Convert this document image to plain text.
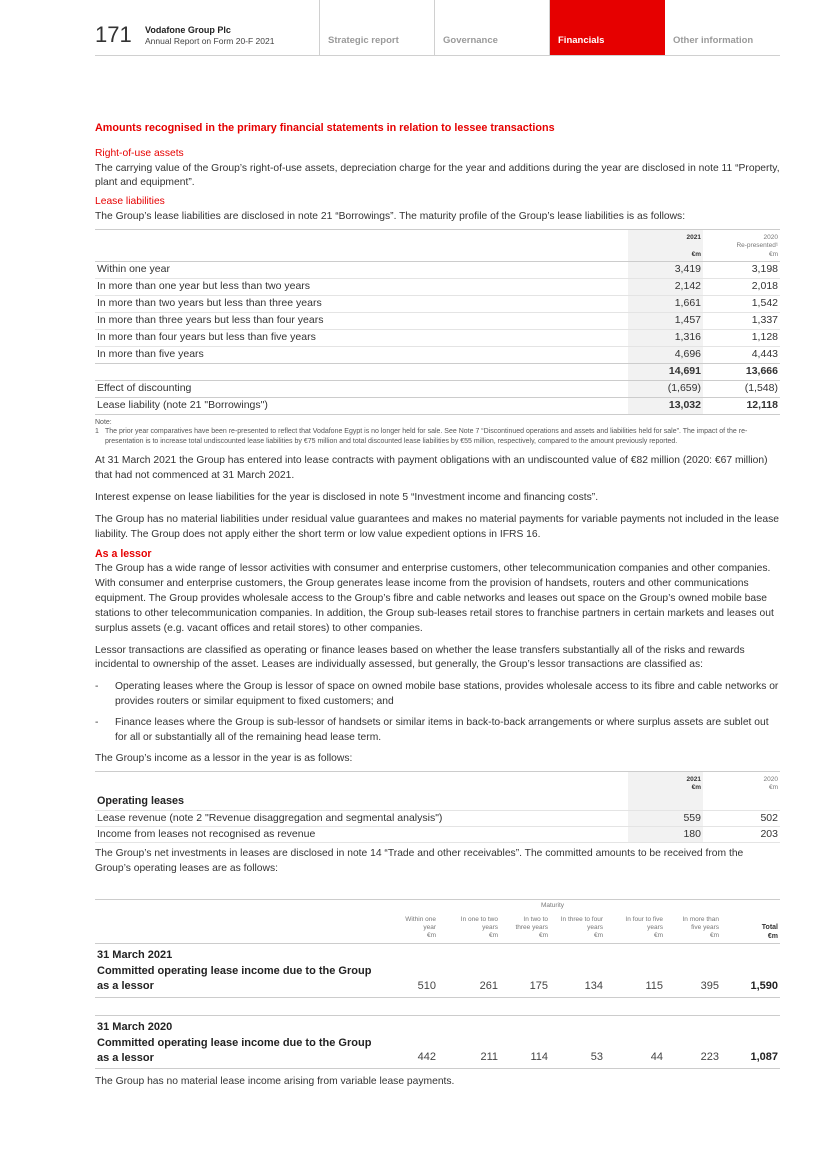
171	Vodafone Group Plc
Annual Report on Form 20-F 2021	Strategic report	Governance	Financials	Other information
Amounts recognised in the primary financial statements in relation to lessee transactions
Right-of-use assets

The carrying value of the Group’s right-of-use assets, depreciation charge for the year and additions during the year are disclosed in note 11 “Property, plant and equipment”.

Lease liabilities

The Group’s lease liabilities are disclosed in note 21 “Borrowings”. The maturity profile of the Group’s lease liabilities is as follows:

	2021

€m	2020
Re-presented¹
€m
Within one year	3,419	3,198
In more than one year but less than two years	2,142	2,018
In more than two years but less than three years	1,661	1,542
In more than three years but less than four years	1,457	1,337
In more than four years but less than five years	1,316	1,128
In more than five years	4,696	4,443
	14,691	13,666
Effect of discounting	(1,659)	(1,548)
Lease liability (note 21 "Borrowings")	13,032	12,118
Note:
1 The prior year comparatives have been re-presented to reflect that Vodafone Egypt is no longer held for sale. See Note 7 “Discontinued operations and assets and liabilities held for sale”. The impact of the re-presentation is to increase total undiscounted lease liabilities by €75 million and total discounted lease liabilities by €55 million, respectively, compared to the amount previously reported.

At 31 March 2021 the Group has entered into lease contracts with payment obligations with an undiscounted value of €82 million (2020: €67 million) that had not commenced at 31 March 2021.

Interest expense on lease liabilities for the year is disclosed in note 5 “Investment income and financing costs”.

The Group has no material liabilities under residual value guarantees and makes no material payments for variable payments not included in the lease liability. The Group does not apply either the short term or low value expedient options in IFRS 16.

As a lessor

The Group has a wide range of lessor activities with consumer and enterprise customers, other telecommunication companies and other companies. With consumer and enterprise customers, the Group generates lease income from the provision of handsets, routers and other communications equipment. The Group provides wholesale access to the Group’s fibre and cable networks and leases out space on the Group’s owned mobile base stations to other telecommunication companies. In addition, the Group sub-leases retail stores to franchise partners in certain markets and leases out surplus assets (e.g. vacant offices and retail stores) to other companies.

Lessor transactions are classified as operating or finance leases based on whether the lease transfers substantially all of the risks and rewards incidental to ownership of the asset. Leases are individually assessed, but generally, the Group’s lessor transactions are classified as:

- Operating leases where the Group is lessor of space on owned mobile base stations, provides wholesale access to its fibre and cable networks or provides routers or similar equipment to fixed customers; and
- Finance leases where the Group is sub-lessor of handsets or similar items in back-to-back arrangements or where surplus assets are sublet out for all or substantially all of the remaining head lease term.

The Group’s income as a lessor in the year is as follows:

	2021
€m	2020
€m
Operating leases		
Lease revenue (note 2 "Revenue disaggregation and segmental analysis")	559	502
Income from leases not recognised as revenue	180	203

The Group’s net investments in leases are disclosed in note 14 “Trade and other receivables”. The committed amounts to be received from the Group’s operating leases are as follows:

			Maturity				
	Within one
year
€m	In one to two
years
€m	In two to
three years
€m	In three to four
years
€m	In four to five
years
€m	In more than
five years
€m	Total
€m
31 March 2021							
Committed operating lease income due to the Group as a lessor	510	261	175	134	115	395	1,590

31 March 2020							
Committed operating lease income due to the Group as a lessor	442	211	114	53	44	223	1,087

The Group has no material lease income arising from variable lease payments.
